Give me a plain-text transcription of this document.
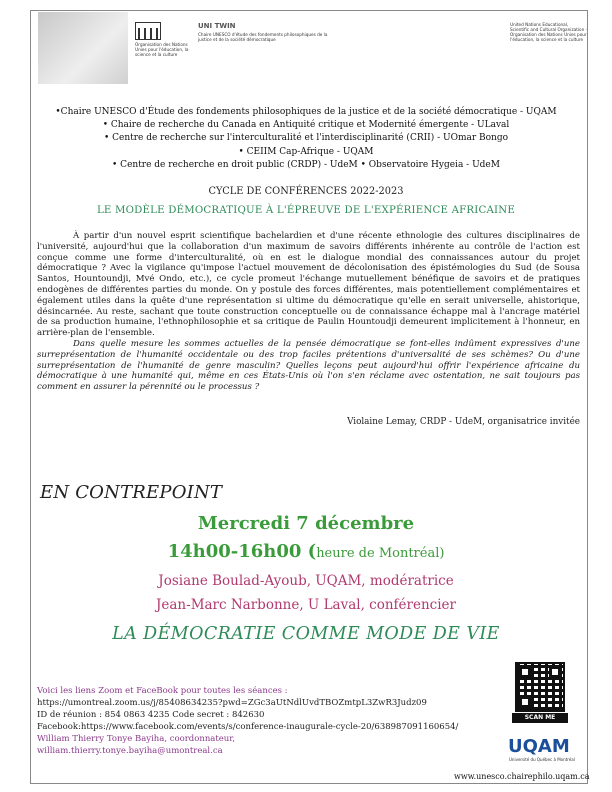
Organisation des Nations Unies pour l'éducation, la science et la culture
UNI TWIN
Chaire UNESCO d'étude des fondements philosophiques de la justice et de la société démocratique
United Nations Educational, Scientific and Cultural Organization · Organisation des Nations Unies pour l'éducation, la science et la culture
•Chaire UNESCO d'Étude des fondements philosophiques de la justice et de la société démocratique - UQAM
• Chaire de recherche du Canada en Antiquité critique et Modernité émergente - ULaval
• Centre de recherche sur l'interculturalité et l'interdisciplinarité (CRII) - UOmar Bongo
• CEIIM Cap-Afrique - UQAM
• Centre de recherche en droit public (CRDP) - UdeM • Observatoire Hygeia - UdeM
CYCLE DE CONFÉRENCES 2022-2023
LE MODÈLE DÉMOCRATIQUE À L'ÉPREUVE DE L'EXPÉRIENCE AFRICAINE

À partir d'un nouvel esprit scientifique bachelardien et d'une récente ethnologie des cultures disciplinaires de l'université, aujourd'hui que la collaboration d'un maximum de savoirs différents inhérente au contrôle de l'action est conçue comme une forme d'interculturalité, où en est le dialogue mondial des connaissances autour du projet démocratique ? Avec la vigilance qu'impose l'actuel mouvement de décolonisation des épistémologies du Sud (de Sousa Santos, Hountoundji, Mvé Ondo, etc.), ce cycle promeut l'échange mutuellement bénéfique de savoirs et de pratiques endogènes de différentes parties du monde. On y postule des forces différentes, mais potentiellement complémentaires et également utiles dans la quête d'une représentation si ultime du démocratique qu'elle en serait universelle, ahistorique, désincarnée. Au reste, sachant que toute construction conceptuelle ou de connaissance échappe mal à l'ancrage matériel de sa production humaine, l'ethnophilosophie et sa critique de Paulin Hountoudji demeurent implicitement à l'honneur, en arrière-plan de l'ensemble.

Dans quelle mesure les sommes actuelles de la pensée démocratique se font-elles indûment expressives d'une surreprésentation de l'humanité occidentale ou des trop faciles prétentions d'universalité de ses schèmes? Ou d'une surreprésentation de l'humanité de genre masculin? Quelles leçons peut aujourd'hui offrir l'expérience africaine du démocratique à une humanité qui, même en ces États-Unis où l'on s'en réclame avec ostentation, ne sait toujours pas comment en assurer la pérennité ou le processus ?

Violaine Lemay, CRDP - UdeM, organisatrice invitée
EN CONTREPOINT
Mercredi 7 décembre
14h00-16h00 (heure de Montréal)
Josiane Boulad-Ayoub, UQAM, modératrice
Jean-Marc Narbonne, U Laval, conférencier
LA DÉMOCRATIE COMME MODE DE VIE
Voici les liens Zoom et FaceBook pour toutes les séances :
https://umontreal.zoom.us/j/85408634235?pwd=ZGc3aUtNdlUvdTBOZmtpL3ZwR3Judz09
ID de réunion : 854 0863 4235 Code secret : 842630
Facebook:https://www.facebook.com/events/s/conference-inaugurale-cycle-20/638987091160654/
William Thierry Tonye Bayiha, coordonnateur,
william.thierry.tonye.bayiha@umontreal.ca
SCAN ME
UQAM
Université du Québec à Montréal
www.unesco.chairephilo.uqam.ca
